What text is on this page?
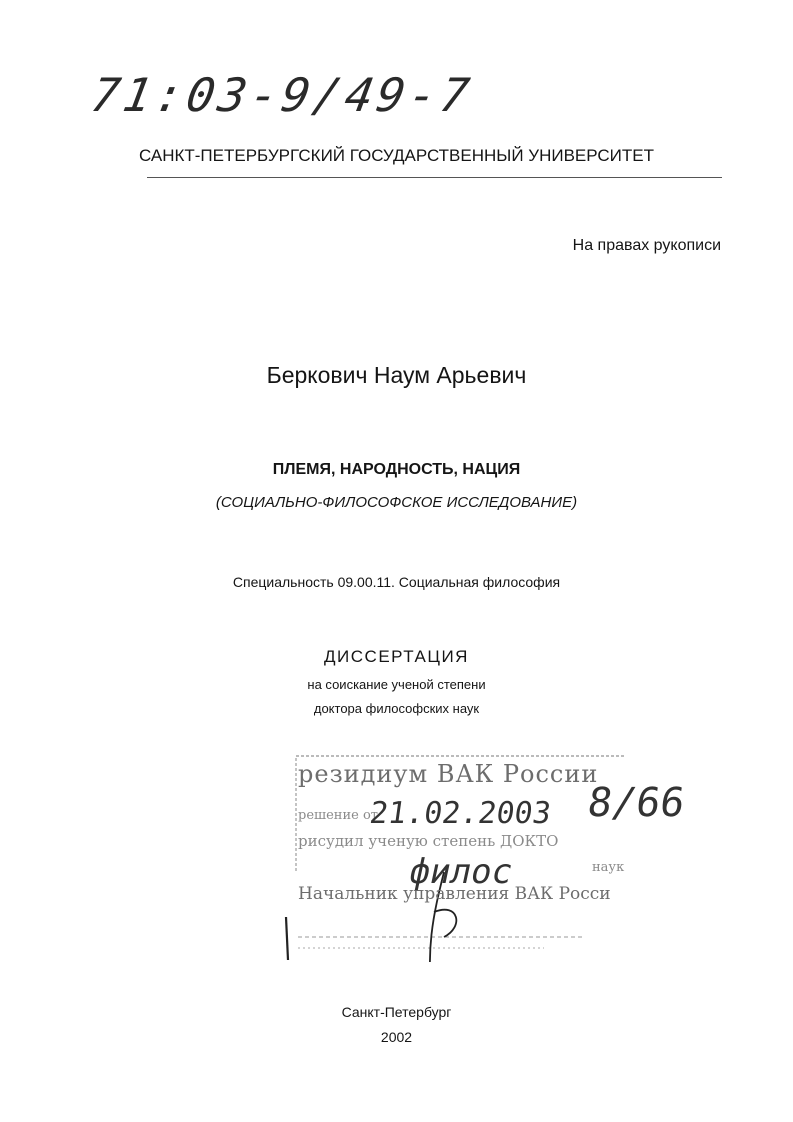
71:03-9/49-7
САНКТ-ПЕТЕРБУРГСКИЙ ГОСУДАРСТВЕННЫЙ УНИВЕРСИТЕТ
На правах рукописи
Беркович Наум Арьевич
ПЛЕМЯ, НАРОДНОСТЬ, НАЦИЯ
(СОЦИАЛЬНО-ФИЛОСОФСКОЕ ИССЛЕДОВАНИЕ)
Специальность 09.00.11. Социальная философия
ДИССЕРТАЦИЯ
на соискание ученой степени
доктора философских наук
резидиум ВАК России
решение от
рисудил ученую степень ДОКТО
наук
Начальник управления ВАК Росси
21.02.2003 8/66
филос
Санкт-Петербург
2002
